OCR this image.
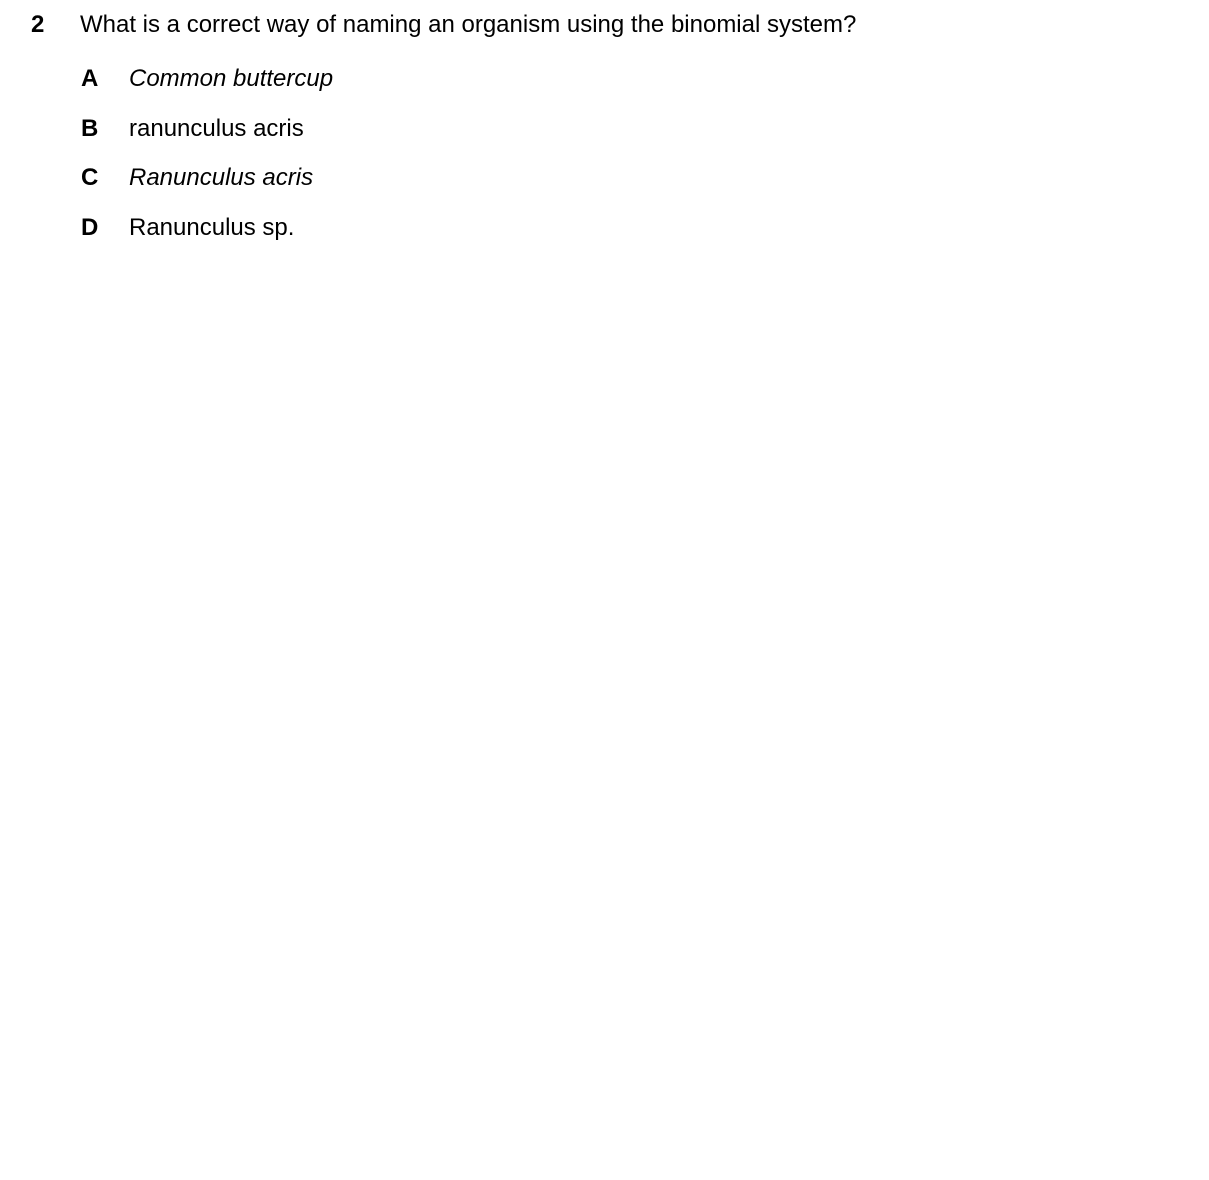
2 What is a correct way of naming an organism using the binomial system?
A Common buttercup
B ranunculus acris
C Ranunculus acris
D Ranunculus sp.
